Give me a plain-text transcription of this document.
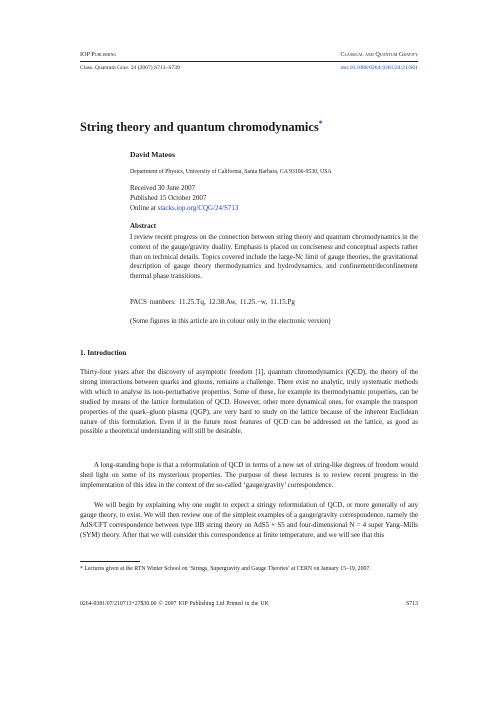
IOP Publishing	Classical and Quantum Gravity
Class. Quantum Grav. 24 (2007) S713–S739	doi:10.1088/0264-9381/24/21/S01
String theory and quantum chromodynamics*
David Mateos
Department of Physics, University of California, Santa Barbara, CA 93106-9530, USA
Received 30 June 2007
Published 15 October 2007
Online at stacks.iop.org/CQG/24/S713
Abstract
I review recent progress on the connection between string theory and quantum chromodynamics in the context of the gauge/gravity duality. Emphasis is placed on conciseness and conceptual aspects rather than on technical details. Topics covered include the large-Nc limit of gauge theories, the gravitational description of gauge theory thermodynamics and hydrodynamics, and confinement/deconfinement thermal phase transitions.
PACS numbers: 11.25.Tq, 12.38.Aw, 11.25.−w, 11.15.Pg
(Some figures in this article are in colour only in the electronic version)
1. Introduction
Thirty-four years after the discovery of asymptotic freedom [1], quantum chromodynamics (QCD), the theory of the strong interactions between quarks and gluons, remains a challenge. There exist no analytic, truly systematic methods with which to analyse its non-perturbative properties. Some of these, for example its thermodynamic properties, can be studied by means of the lattice formulation of QCD. However, other more dynamical ones, for example the transport properties of the quark–gluon plasma (QGP), are very hard to study on the lattice because of the inherent Euclidean nature of this formulation. Even if in the future most features of QCD can be addressed on the lattice, as good as possible a theoretical understanding will still be desirable.
A long-standing hope is that a reformulation of QCD in terms of a new set of string-like degrees of freedom would shed light on some of its mysterious properties. The purpose of these lectures is to review recent progress in the implementation of this idea in the context of the so-called ‘gauge/gravity’ correspondence.
We will begin by explaining why one ought to expect a stringy reformulation of QCD, or more generally of any gauge theory, to exist. We will then review one of the simplest examples of a gauge/gravity correspondence, namely the AdS/CFT correspondence between type IIB string theory on AdS5 × S5 and four-dimensional N = 4 super Yang–Mills (SYM) theory. After that we will consider this correspondence at finite temperature, and we will see that this
* Lectures given at the RTN Winter School on ‘Strings, Supergravity and Gauge Theories’ at CERN on January 15–19, 2007.
0264-9381/07/210713+27$30.00 © 2007 IOP Publishing Ltd Printed in the UK	S713
